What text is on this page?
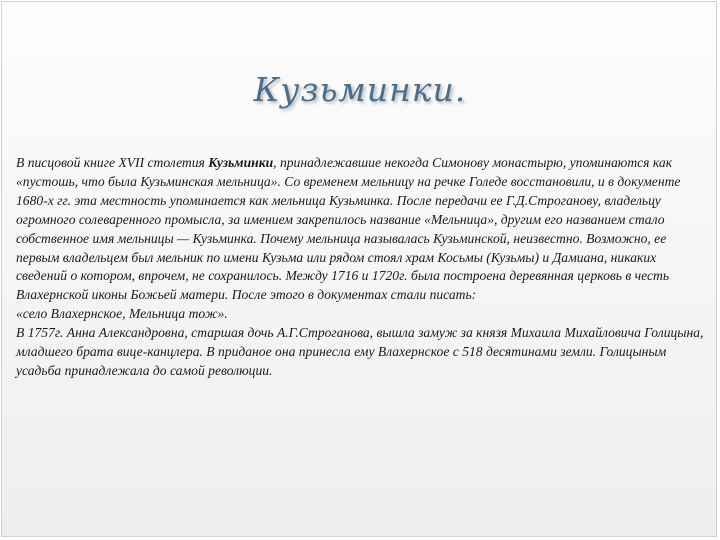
Кузьминки.

В писцовой книге XVII столетия Кузьминки, принадлежавшие некогда Симонову монастырю, упоминаются как «пустошь, что была Кузьминская мельница». Со временем мельницу на речке Голеде восстановили, и в документе 1680-х гг. эта местность упоминается как мельница Кузьминка. После передачи ее Г.Д.Строганову, владельцу огромного солеваренного промысла, за имением закрепилось название «Мельница», другим его названием стало собственное имя мельницы — Кузьминка. Почему мельница называлась Кузьминской, неизвестно. Возможно, ее первым владельцем был мельник по имени Кузьма или рядом стоял храм Косьмы (Кузьмы) и Дамиана, никаких сведений о котором, впрочем, не сохранилось. Между 1716 и 1720г. была построена деревянная церковь в честь Влахернской иконы Божьей матери. После этого в документах стали писать:

«село Влахернское, Мельница тож».

В 1757г. Анна Александровна, старшая дочь А.Г.Строганова, вышла замуж за князя Михаила Михайловича Голицына, младшего брата вице-канцлера. В приданое она принесла ему Влахернское с 518 десятинами земли. Голицыным усадьба принадлежала до самой революции.
